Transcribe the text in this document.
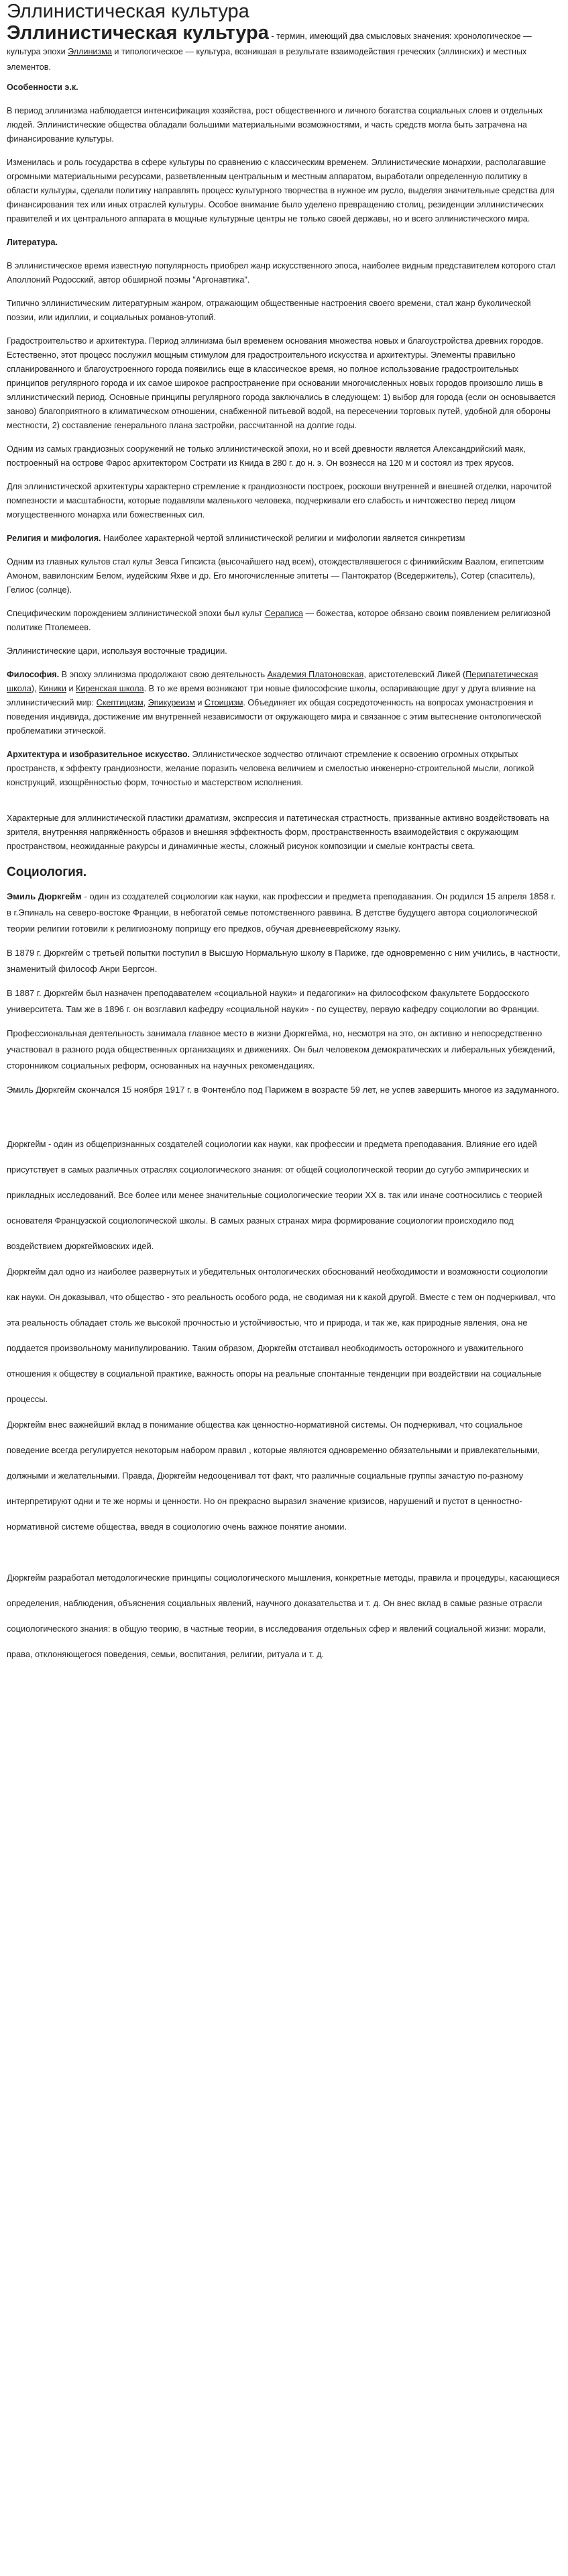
Эллинистическая культура

Эллинистическая культура - термин, имеющий два смысловых значения: хронологическое — культура эпохи Эллинизма и типологическое — культура, возникшая в результате взаимодействия греческих (эллинских) и местных элементов.

Особенности э.к.

В период эллинизма наблюдается интенсификация хозяйства, рост общественного и личного богатства социальных слоев и отдельных людей. Эллинистические общества обладали большими материальными возможностями, и часть средств могла быть затрачена на финансирование культуры.

Изменилась и роль государства в сфере культуры по сравнению с классическим временем. Эллинистические монархии, располагавшие огромными материальными ресурсами, разветвленным центральным и местным аппаратом, выработали определенную политику в области культуры, сделали политику направлять процесс культурного творчества в нужное им русло, выделяя значительные средства для финансирования тех или иных отраслей культуры. Особое внимание было уделено превращению столиц, резиденции эллинистических правителей и их центрального аппарата в мощные культурные центры не только своей державы, но и всего эллинистического мира.

Литература.

В эллинистическое время известную популярность приобрел жанр искусственного эпоса, наиболее видным представителем которого стал Аполлоний Родосский, автор обширной поэмы "Аргонавтика".

Типично эллинистическим литературным жанром, отражающим общественные настроения своего времени, стал жанр буколической поэзии, или идиллии, и социальных романов-утопий.

Градостроительство и архитектура. Период эллинизма был временем основания множества новых и благоустройства древних городов. Естественно, этот процесс послужил мощным стимулом для градостроительного искусства и архитектуры. Элементы правильно спланированного и благоустроенного города появились еще в классическое время, но полное использование градостроительных принципов регулярного города и их самое широкое распространение при основании многочисленных новых городов произошло лишь в эллинистический период. Основные принципы регулярного города заключались в следующем: 1) выбор для города (если он основывается заново) благоприятного в климатическом отношении, снабженной питьевой водой, на пересечении торговых путей, удобной для обороны местности, 2) составление генерального плана застройки, рассчитанной на долгие годы.

Одним из самых грандиозных сооружений не только эллинистической эпохи, но и всей древности является Александрийский маяк, построенный на острове Фарос архитектором Сострати из Книда в 280 г. до н. э. Он вознесся на 120 м и состоял из трех ярусов.

Для эллинистической архитектуры характерно стремление к грандиозности построек, роскоши внутренней и внешней отделки, нарочитой помпезности и масштабности, которые подавляли маленького человека, подчеркивали его слабость и ничтожество перед лицом могущественного монарха или божественных сил.

Религия и мифология. Наиболее характерной чертой эллинистической религии и мифологии является синкретизм

Одним из главных культов стал культ Зевса Гипсиста (высочайшего над всем), отождествлявшегося с финикийским Ваалом, египетским Амоном, вавилонским Белом, иудейским Яхве и др. Его многочисленные эпитеты — Пантократор (Вседержитель), Сотер (спаситель), Гелиос (солнце).

Специфическим порождением эллинистической эпохи был культ Сераписа — божества, которое обязано своим появлением религиозной политике Птолемеев.

Эллинистические цари, используя восточные традиции.

Философия. В эпоху эллинизма продолжают свою деятельность Академия Платоновская, аристотелевский Ликей (Перипатетическая школа), Киники и Киренская школа. В то же время возникают три новые философские школы, оспаривающие друг у друга влияние на эллинистический мир: Скептицизм, Эпикуреизм и Стоицизм. Объединяет их общая сосредоточенность на вопросах умонастроения и поведения индивида, достижение им внутренней независимости от окружающего мира и связанное с этим вытеснение онтологической проблематики этической.

Архитектура и изобразительное искусство. Эллинистическое зодчество отличают стремление к освоению огромных открытых пространств, к эффекту грандиозности, желание поразить человека величием и смелостью инженерно-строительной мысли, логикой конструкций, изощрённостью форм, точностью и мастерством исполнения.

Характерные для эллинистической пластики драматизм, экспрессия и патетическая страстность, призванные активно воздействовать на зрителя, внутренняя напряжённость образов и внешняя эффектность форм, пространственность взаимодействия с окружающим пространством, неожиданные ракурсы и динамичные жесты, сложный рисунок композиции и смелые контрасты света.

Социология.

Эмиль Дюркгейм - один из создателей социологии как науки, как профессии и предмета преподавания. Он родился 15 апреля 1858 г. в г.Эпиналь на северо-востоке Франции, в небогатой семье потомственного раввина. В детстве будущего автора социологической теории религии готовили к религиозному поприщу его предков, обучая древнееврейскому языку.

В 1879 г. Дюркгейм с третьей попытки поступил в Высшую Нормальную школу в Париже, где одновременно с ним учились, в частности, знаменитый философ Анри Бергсон.

В 1887 г. Дюркгейм был назначен преподавателем «социальной науки» и педагогики» на философском факультете Бордосского университета. Там же в 1896 г. он возглавил кафедру «социальной науки» - по существу, первую кафедру социологии во Франции.

Профессиональная деятельность занимала главное место в жизни Дюркгейма, но, несмотря на это, он активно и непосредственно участвовал в разного рода общественных организациях и движениях. Он был человеком демократических и либеральных убеждений, сторонником социальных реформ, основанных на научных рекомендациях.

Эмиль Дюркгейм скончался 15 ноября 1917 г. в Фонтенбло под Парижем в возрасте 59 лет, не успев завершить многое из задуманного.

Дюркгейм - один из общепризнанных создателей социологии как науки, как профессии и предмета преподавания. Влияние его идей присутствует в самых различных отраслях социологического знания: от общей социологической теории до сугубо эмпирических и прикладных исследований. Все более или менее значительные социологические теории XX в. так или иначе соотносились с теорией основателя Французской социологической школы. В самых разных странах мира формирование социологии происходило под воздействием дюркгеймовских идей.

Дюркгейм дал одно из наиболее развернутых и убедительных онтологических обоснований необходимости и возможности социологии как науки. Он доказывал, что общество - это реальность особого рода, не сводимая ни к какой другой. Вместе с тем он подчеркивал, что эта реальность обладает столь же высокой прочностью и устойчивостью, что и природа, и так же, как природные явления, она не поддается произвольному манипулированию. Таким образом, Дюркгейм отстаивал необходимость осторожного и уважительного отношения к обществу в социальной практике, важность опоры на реальные спонтанные тенденции при воздействии на социальные процессы.

Дюркгейм внес важнейший вклад в понимание общества как ценностно-нормативной системы. Он подчеркивал, что социальное поведение всегда регулируется некоторым набором правил , которые являются одновременно обязательными и привлекательными, должными и желательными. Правда, Дюркгейм недооценивал тот факт, что различные социальные группы зачастую по-разному интерпретируют одни и те же нормы и ценности. Но он прекрасно выразил значение кризисов, нарушений и пустот в ценностно-нормативной системе общества, введя в социологию очень важное понятие аномии.

Дюркгейм разработал методологические принципы социологического мышления, конкретные методы, правила и процедуры, касающиеся определения, наблюдения, объяснения социальных явлений, научного доказательства и т. д. Он внес вклад в самые разные отрасли социологического знания: в общую теорию, в частные теории, в исследования отдельных сфер и явлений социальной жизни: морали, права, отклоняющегося поведения, семьи, воспитания, религии, ритуала и т. д.
